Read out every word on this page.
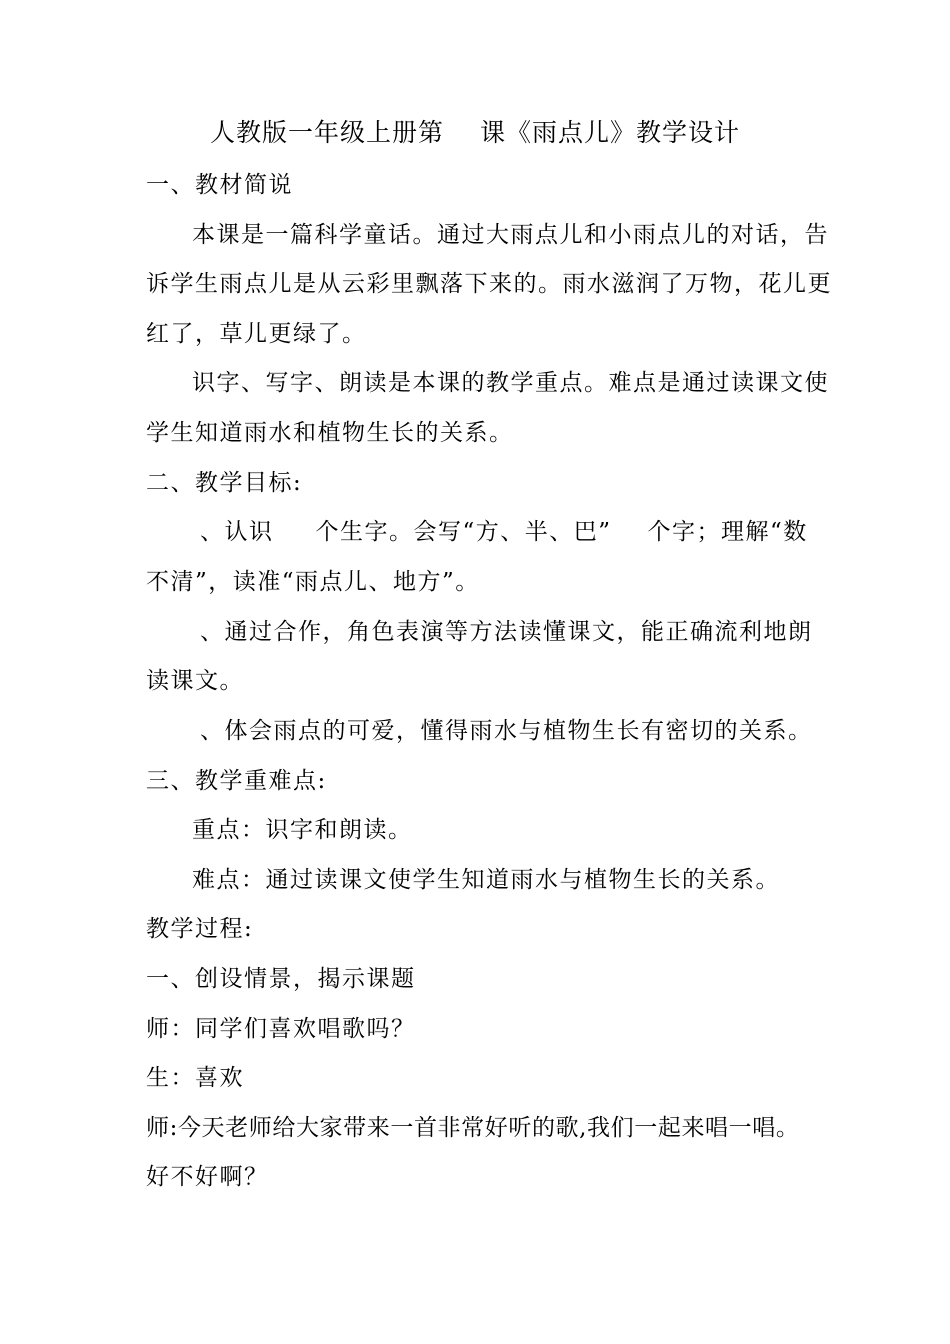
人教版一年级上册第 课《雨点儿》教学设计
一、教材简说
本课是一篇科学童话。通过大雨点儿和小雨点儿的对话，告
诉学生雨点儿是从云彩里飘落下来的。雨水滋润了万物，花儿更
红了，草儿更绿了。
识字、写字、朗读是本课的教学重点。难点是通过读课文使
学生知道雨水和植物生长的关系。
二、教学目标:
、认识 个生字。会写“方、半、巴” 个字；理解“数
不清”，读准“雨点儿、地方”。
、通过合作，角色表演等方法读懂课文，能正确流利地朗
读课文。
、体会雨点的可爱，懂得雨水与植物生长有密切的关系。
三、教学重难点:
重点：识字和朗读。
难点：通过读课文使学生知道雨水与植物生长的关系。
教学过程:
一、创设情景，揭示课题
师：同学们喜欢唱歌吗？
生：喜欢
师:今天老师给大家带来一首非常好听的歌,我们一起来唱一唱。
好不好啊？
